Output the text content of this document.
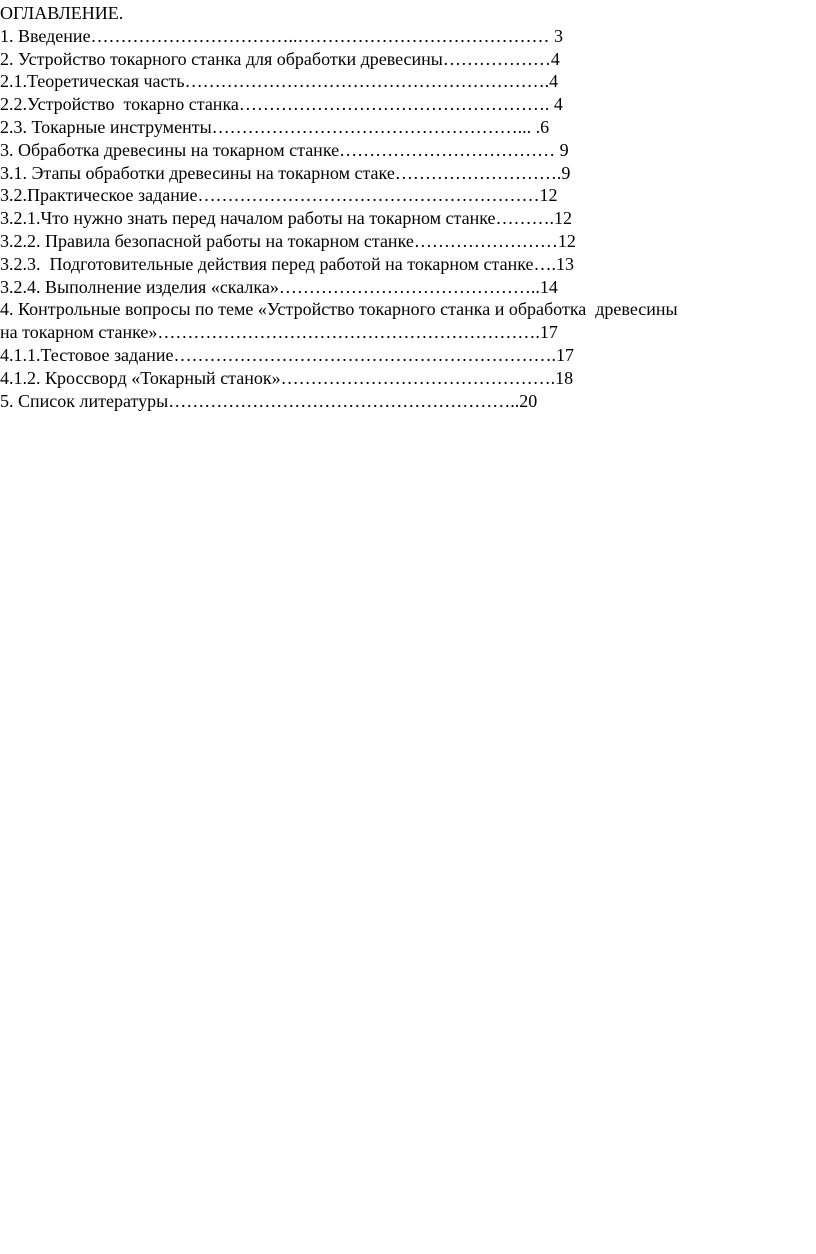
ОГЛАВЛЕНИЕ.

1. Введение……………………………..…………………………………… 3

2. Устройство токарного станка для обработки древесины………………4

2.1.Теоретическая часть…………………………………………………….4

2.2.Устройство  токарно станка……………………………………………. 4

2.3. Токарные инструменты……………………………………………... .6

3. Обработка древесины на токарном станке……………………………… 9

3.1. Этапы обработки древесины на токарном стаке……………………….9

3.2.Практическое задание…………………………………………………12

3.2.1.Что нужно знать перед началом работы на токарном станке……….12

3.2.2. Правила безопасной работы на токарном станке……………………12

3.2.3.  Подготовительные действия перед работой на токарном станке….13

3.2.4. Выполнение изделия «скалка»……………………………………..14

4. Контрольные вопросы по теме «Устройство токарного станка и обработка  древесины

на токарном станке»……………………………………………………….17

4.1.1.Тестовое задание……………………………………………………….17

4.1.2. Кроссворд «Токарный станок»……………………………………….18

5. Список литературы…………………………………………………..20
